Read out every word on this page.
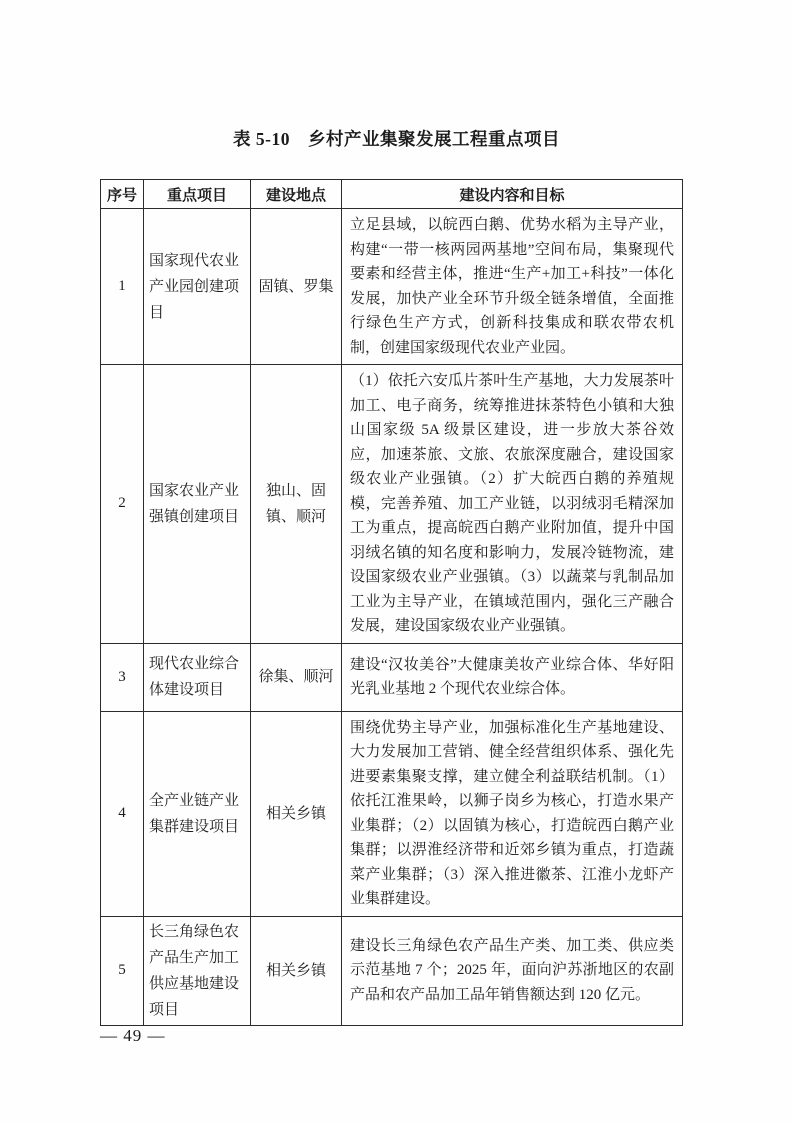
表 5-10　乡村产业集聚发展工程重点项目
序号	重点项目	建设地点	建设内容和目标
1	国家现代农业产业园创建项目	固镇、罗集	立足县域，以皖西白鹅、优势水稻为主导产业，构建“一带一核两园两基地”空间布局，集聚现代要素和经营主体，推进“生产+加工+科技”一体化发展，加快产业全环节升级全链条增值，全面推行绿色生产方式，创新科技集成和联农带农机制，创建国家级现代农业产业园。
2	国家农业产业强镇创建项目	独山、固镇、顺河	（1）依托六安瓜片茶叶生产基地，大力发展茶叶加工、电子商务，统筹推进抹茶特色小镇和大独山国家级 5A 级景区建设，进一步放大茶谷效应，加速茶旅、文旅、农旅深度融合，建设国家级农业产业强镇。（2）扩大皖西白鹅的养殖规模，完善养殖、加工产业链，以羽绒羽毛精深加工为重点，提高皖西白鹅产业附加值，提升中国羽绒名镇的知名度和影响力，发展冷链物流，建设国家级农业产业强镇。（3）以蔬菜与乳制品加工业为主导产业，在镇域范围内，强化三产融合发展，建设国家级农业产业强镇。
3	现代农业综合体建设项目	徐集、顺河	建设“汉妆美谷”大健康美妆产业综合体、华好阳光乳业基地 2 个现代农业综合体。
4	全产业链产业集群建设项目	相关乡镇	围绕优势主导产业，加强标准化生产基地建设、大力发展加工营销、健全经营组织体系、强化先进要素集聚支撑，建立健全利益联结机制。（1）依托江淮果岭，以狮子岗乡为核心，打造水果产业集群；（2）以固镇为核心，打造皖西白鹅产业集群；以淠淮经济带和近郊乡镇为重点，打造蔬菜产业集群；（3）深入推进徽茶、江淮小龙虾产业集群建设。
5	长三角绿色农产品生产加工供应基地建设项目	相关乡镇	建设长三角绿色农产品生产类、加工类、供应类示范基地 7 个；2025 年，面向沪苏浙地区的农副产品和农产品加工品年销售额达到 120 亿元。
— 49 —
